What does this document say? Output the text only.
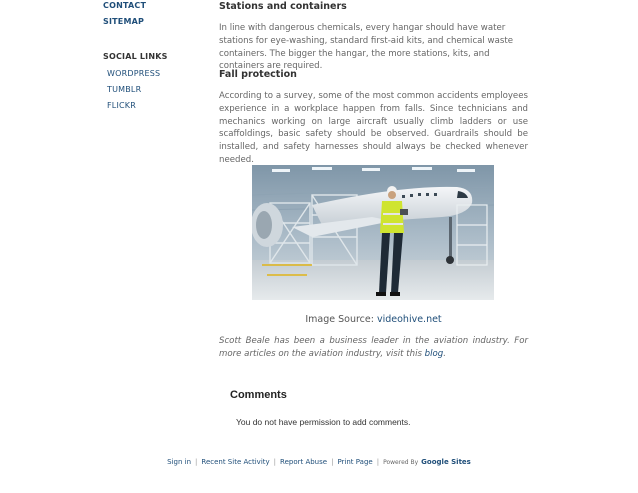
CONTACT
SITEMAP
SOCIAL LINKS
WORDPRESS
TUMBLR
FLICKR
Stations and containers

In line with dangerous chemicals, every hangar should have water stations for eye-washing, standard first-aid kits, and chemical waste containers. The bigger the hangar, the more stations, kits, and containers are required.

Fall protection

According to a survey, some of the most common accidents employees experience in a workplace happen from falls. Since technicians and mechanics working on large aircraft usually climb ladders or use scaffoldings, basic safety should be observed. Guardrails should be installed, and safety harnesses should always be checked whenever needed.

Image Source: videohive.net
Scott Beale has been a business leader in the aviation industry. For more articles on the aviation industry, visit this blog.
Comments
You do not have permission to add comments.
Sign in | Recent Site Activity | Report Abuse | Print Page | Powered By Google Sites
